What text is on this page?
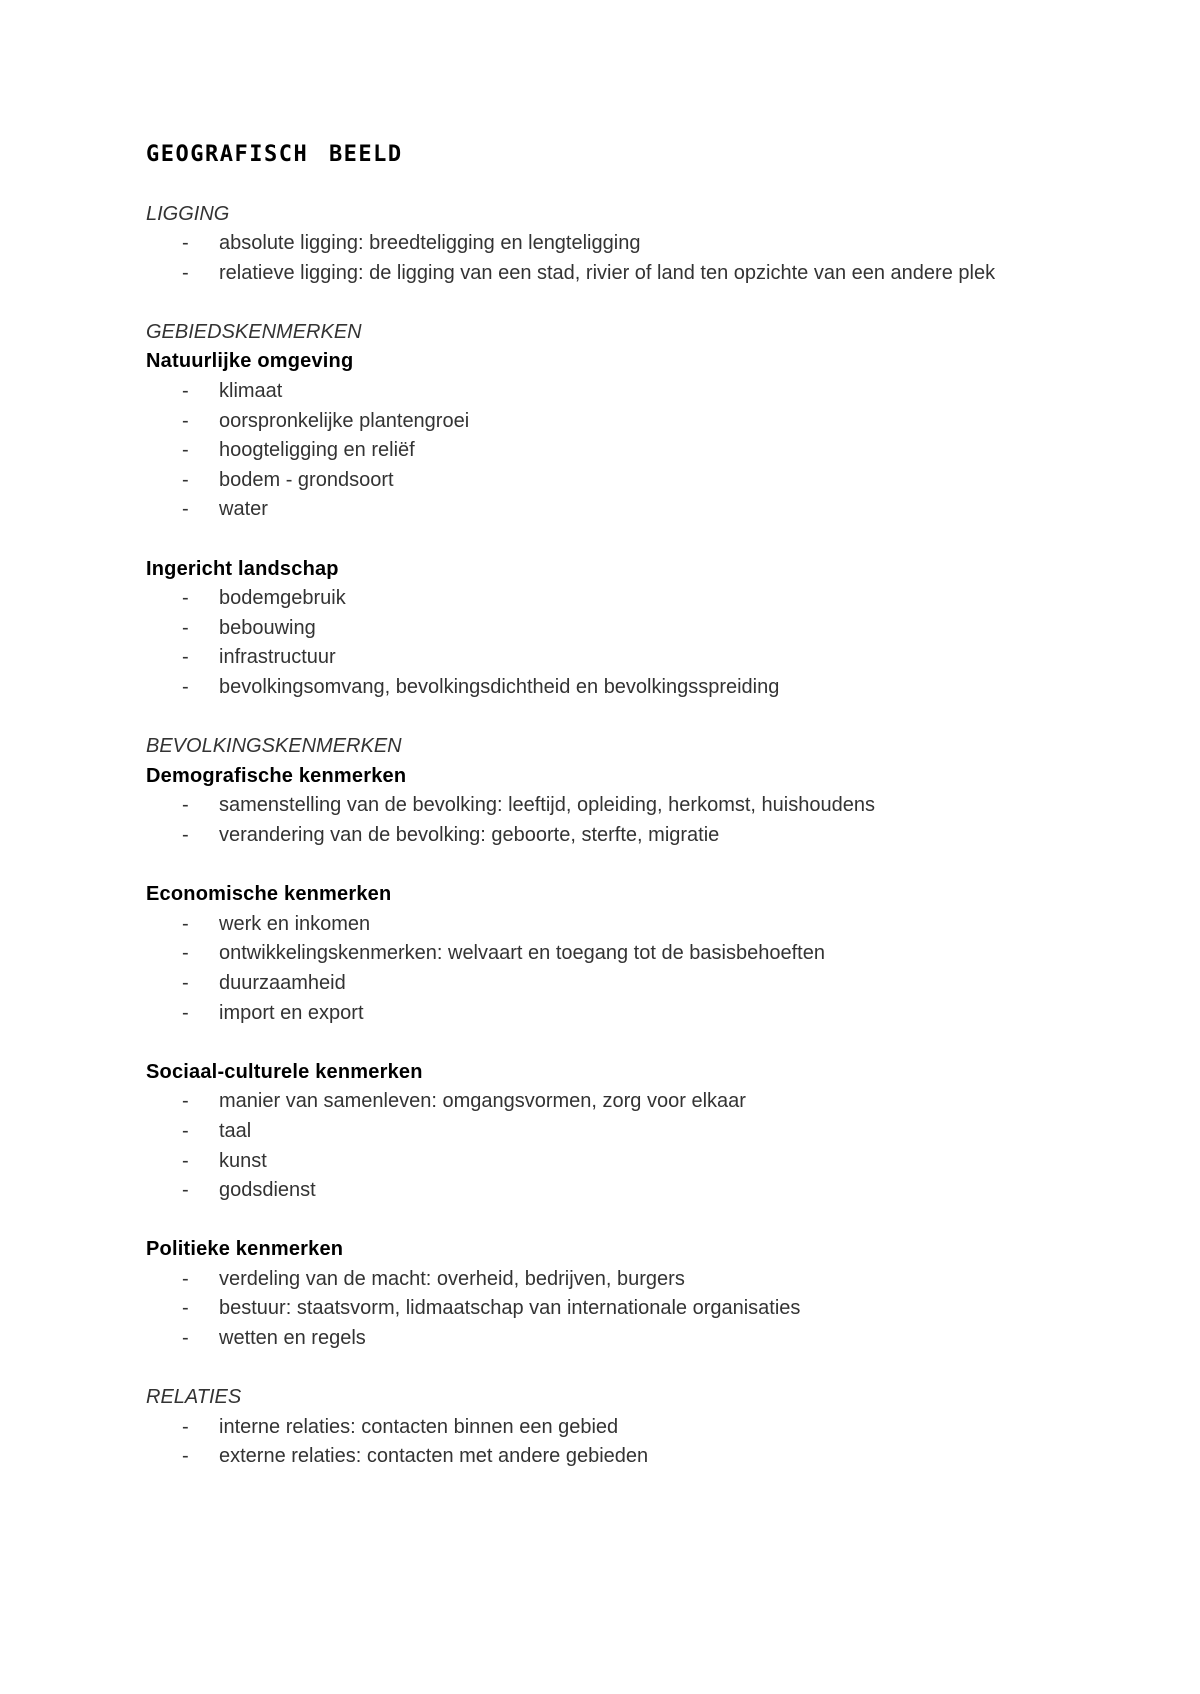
GEOGRAFISCH BEELD
LIGGING
- absolute ligging: breedteligging en lengteligging
- relatieve ligging: de ligging van een stad, rivier of land ten opzichte van een andere plek
GEBIEDSKENMERKEN
Natuurlijke omgeving
- klimaat
- oorspronkelijke plantengroei
- hoogteligging en reliëf
- bodem - grondsoort
- water
Ingericht landschap
- bodemgebruik
- bebouwing
- infrastructuur
- bevolkingsomvang, bevolkingsdichtheid en bevolkingsspreiding
BEVOLKINGSKENMERKEN
Demografische kenmerken
- samenstelling van de bevolking: leeftijd, opleiding, herkomst, huishoudens
- verandering van de bevolking: geboorte, sterfte, migratie
Economische kenmerken
- werk en inkomen
- ontwikkelingskenmerken: welvaart en toegang tot de basisbehoeften
- duurzaamheid
- import en export
Sociaal-culturele kenmerken
- manier van samenleven: omgangsvormen, zorg voor elkaar
- taal
- kunst
- godsdienst
Politieke kenmerken
- verdeling van de macht: overheid, bedrijven, burgers
- bestuur: staatsvorm, lidmaatschap van internationale organisaties
- wetten en regels
RELATIES
- interne relaties: contacten binnen een gebied
- externe relaties: contacten met andere gebieden
